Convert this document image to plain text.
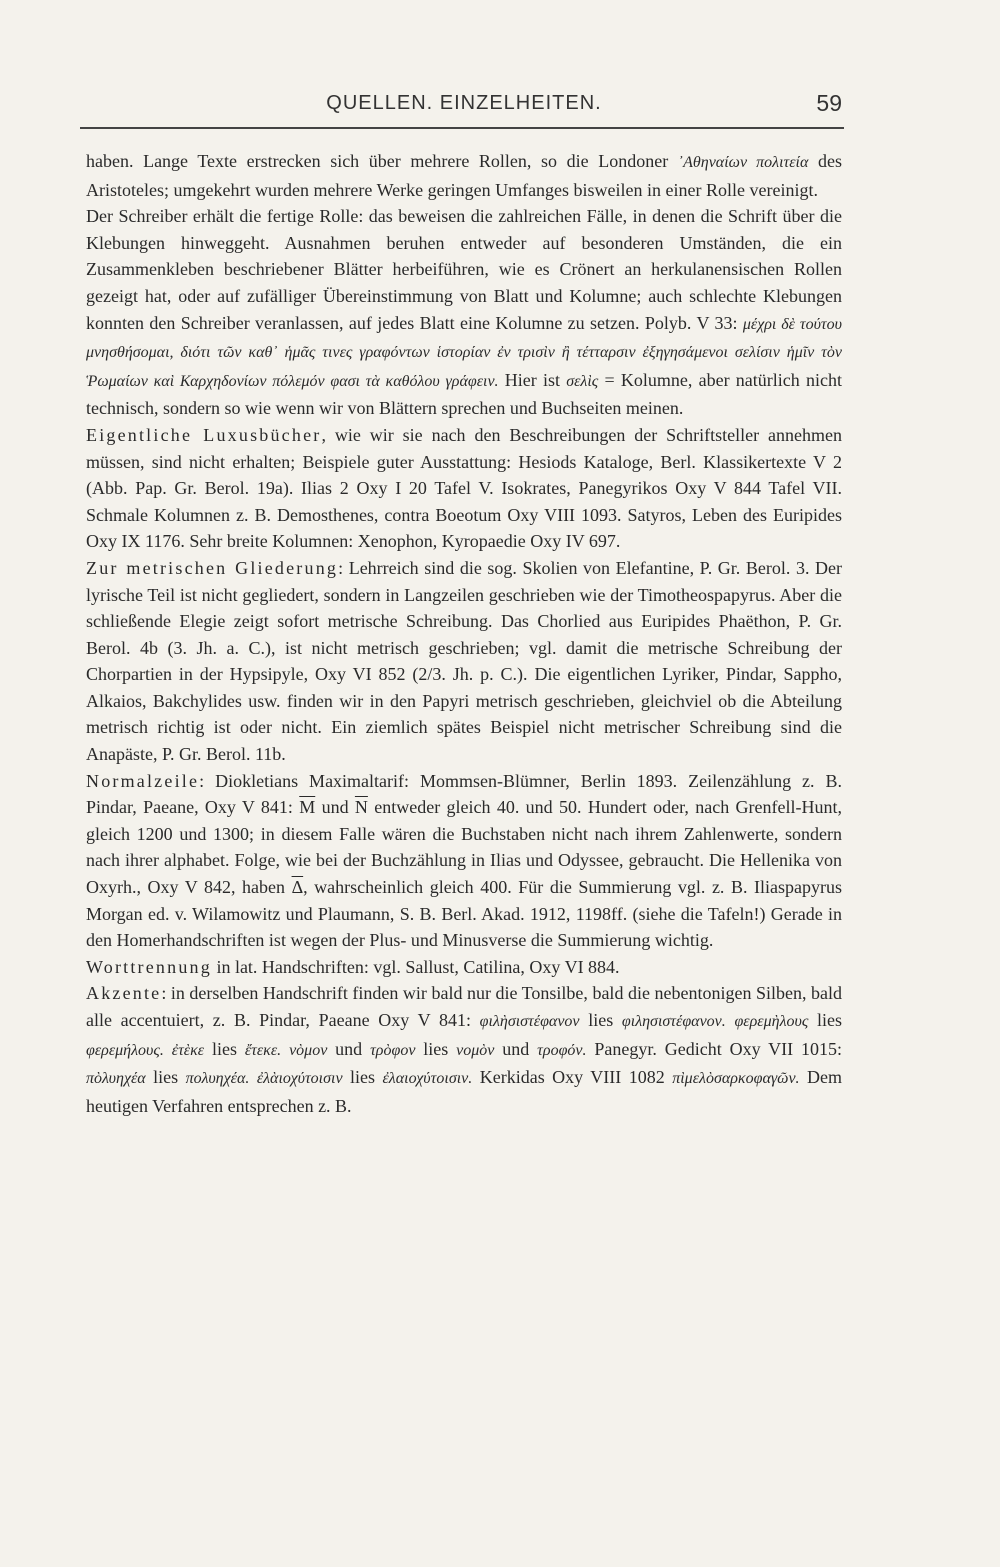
QUELLEN. EINZELHEITEN.	59

haben. Lange Texte erstrecken sich über mehrere Rollen, so die Londoner ᾿Αθηναίων πολιτεία des Aristoteles; umgekehrt wurden mehrere Werke geringen Umfanges bisweilen in einer Rolle vereinigt.

Der Schreiber erhält die fertige Rolle: das beweisen die zahlreichen Fälle, in denen die Schrift über die Klebungen hinweggeht. Ausnahmen beruhen entweder auf besonderen Umständen, die ein Zusammenkleben beschriebener Blätter herbeiführen, wie es Crönert an herkulanensischen Rollen gezeigt hat, oder auf zufälliger Übereinstimmung von Blatt und Kolumne; auch schlechte Klebungen konnten den Schreiber veranlassen, auf jedes Blatt eine Kolumne zu setzen. Polyb. V 33: μέχρι δὲ τούτου μνησθήσομαι, διότι τῶν καθ᾿ ἡμᾶς τινες γραφόντων ἱστορίαν ἐν τρισὶν ἢ τέτταρσιν ἐξηγησάμενοι σελίσιν ἡμῖν τὸν Ῥωμαίων καὶ Καρχηδονίων πόλεμόν φασι τὰ καθόλου γράφειν. Hier ist σελὶς = Kolumne, aber natürlich nicht technisch, sondern so wie wenn wir von Blättern sprechen und Buchseiten meinen.

Eigentliche Luxusbücher, wie wir sie nach den Beschreibungen der Schriftsteller annehmen müssen, sind nicht erhalten; Beispiele guter Ausstattung: Hesiods Kataloge, Berl. Klassikertexte V 2 (Abb. Pap. Gr. Berol. 19a). Ilias 2 Oxy I 20 Tafel V. Isokrates, Panegyrikos Oxy V 844 Tafel VII. Schmale Kolumnen z. B. Demosthenes, contra Boeotum Oxy VIII 1093. Satyros, Leben des Euripides Oxy IX 1176. Sehr breite Kolumnen: Xenophon, Kyropaedie Oxy IV 697.

Zur metrischen Gliederung: Lehrreich sind die sog. Skolien von Elefantine, P. Gr. Berol. 3. Der lyrische Teil ist nicht gegliedert, sondern in Langzeilen geschrieben wie der Timotheospapyrus. Aber die schließende Elegie zeigt sofort metrische Schreibung. Das Chorlied aus Euripides Phaëthon, P. Gr. Berol. 4b (3. Jh. a. C.), ist nicht metrisch geschrieben; vgl. damit die metrische Schreibung der Chorpartien in der Hypsipyle, Oxy VI 852 (2/3. Jh. p. C.). Die eigentlichen Lyriker, Pindar, Sappho, Alkaios, Bakchylides usw. finden wir in den Papyri metrisch geschrieben, gleichviel ob die Abteilung metrisch richtig ist oder nicht. Ein ziemlich spätes Beispiel nicht metrischer Schreibung sind die Anapäste, P. Gr. Berol. 11b.

Normalzeile: Diokletians Maximaltarif: Mommsen-Blümner, Berlin 1893. Zeilenzählung z. B. Pindar, Paeane, Oxy V 841: $\overline{M}$ und $\overline{N}$ entweder gleich 40. und 50. Hundert oder, nach Grenfell-Hunt, gleich 1200 und 1300; in diesem Falle wären die Buchstaben nicht nach ihrem Zahlenwerte, sondern nach ihrer alphabet. Folge, wie bei der Buchzählung in Ilias und Odyssee, gebraucht. Die Hellenika von Oxyrh., Oxy V 842, haben $\overline{\Delta}$, wahrscheinlich gleich 400. Für die Summierung vgl. z. B. Iliaspapyrus Morgan ed. v. Wilamowitz und Plaumann, S. B. Berl. Akad. 1912, 1198ff. (siehe die Tafeln!) Gerade in den Homerhandschriften ist wegen der Plus- und Minusverse die Summierung wichtig.

Worttrennung in lat. Handschriften: vgl. Sallust, Catilina, Oxy VI 884.

Akzente: in derselben Handschrift finden wir bald nur die Tonsilbe, bald die nebentonigen Silben, bald alle accentuiert, z. B. Pindar, Paeane Oxy V 841: φιλὴσιστέφανον lies φιλησιστέφανον. φερεμὴλους lies φερεμήλους. ἐτὲκε lies ἔτεκε. νὸμον und τρὸφον lies νομὸν und τροφόν. Panegyr. Gedicht Oxy VII 1015: πὸλυηχέα lies πολυηχέα. ἐλὰιοχύτοισιν lies ἐλαιοχύτοισιν. Kerkidas Oxy VIII 1082 πὶμελὸσαρκοφαγῶν. Dem heutigen Verfahren entsprechen z. B.
